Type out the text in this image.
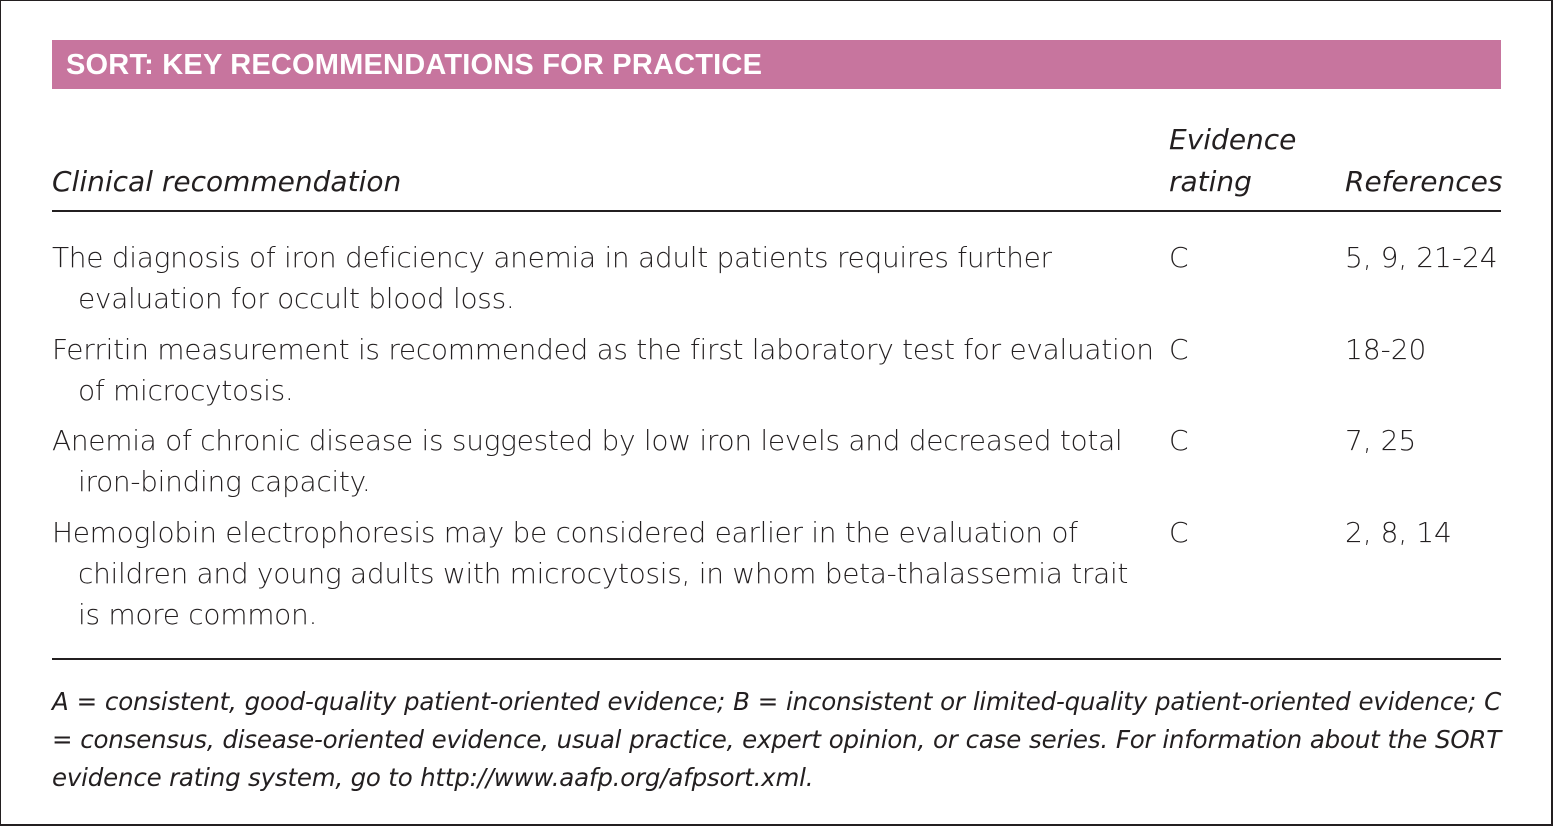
SORT: KEY RECOMMENDATIONS FOR PRACTICE
Clinical recommendation
Evidence
rating	References
The diagnosis of iron deficiency anemia in adult patients requires further evaluation for occult blood loss.
C	5, 9, 21-24
Ferritin measurement is recommended as the first laboratory test for evaluation of microcytosis.
C	18-20
Anemia of chronic disease is suggested by low iron levels and decreased total iron-binding capacity.
C	7, 25
Hemoglobin electrophoresis may be considered earlier in the evaluation of children and young adults with microcytosis, in whom beta-thalassemia trait is more common.
C	2, 8, 14
A = consistent, good-quality patient-oriented evidence; B = inconsistent or limited-quality patient-oriented evidence; C = consensus, disease-oriented evidence, usual practice, expert opinion, or case series. For information about the SORT evidence rating system, go to http://www.aafp.org/afpsort.xml.
